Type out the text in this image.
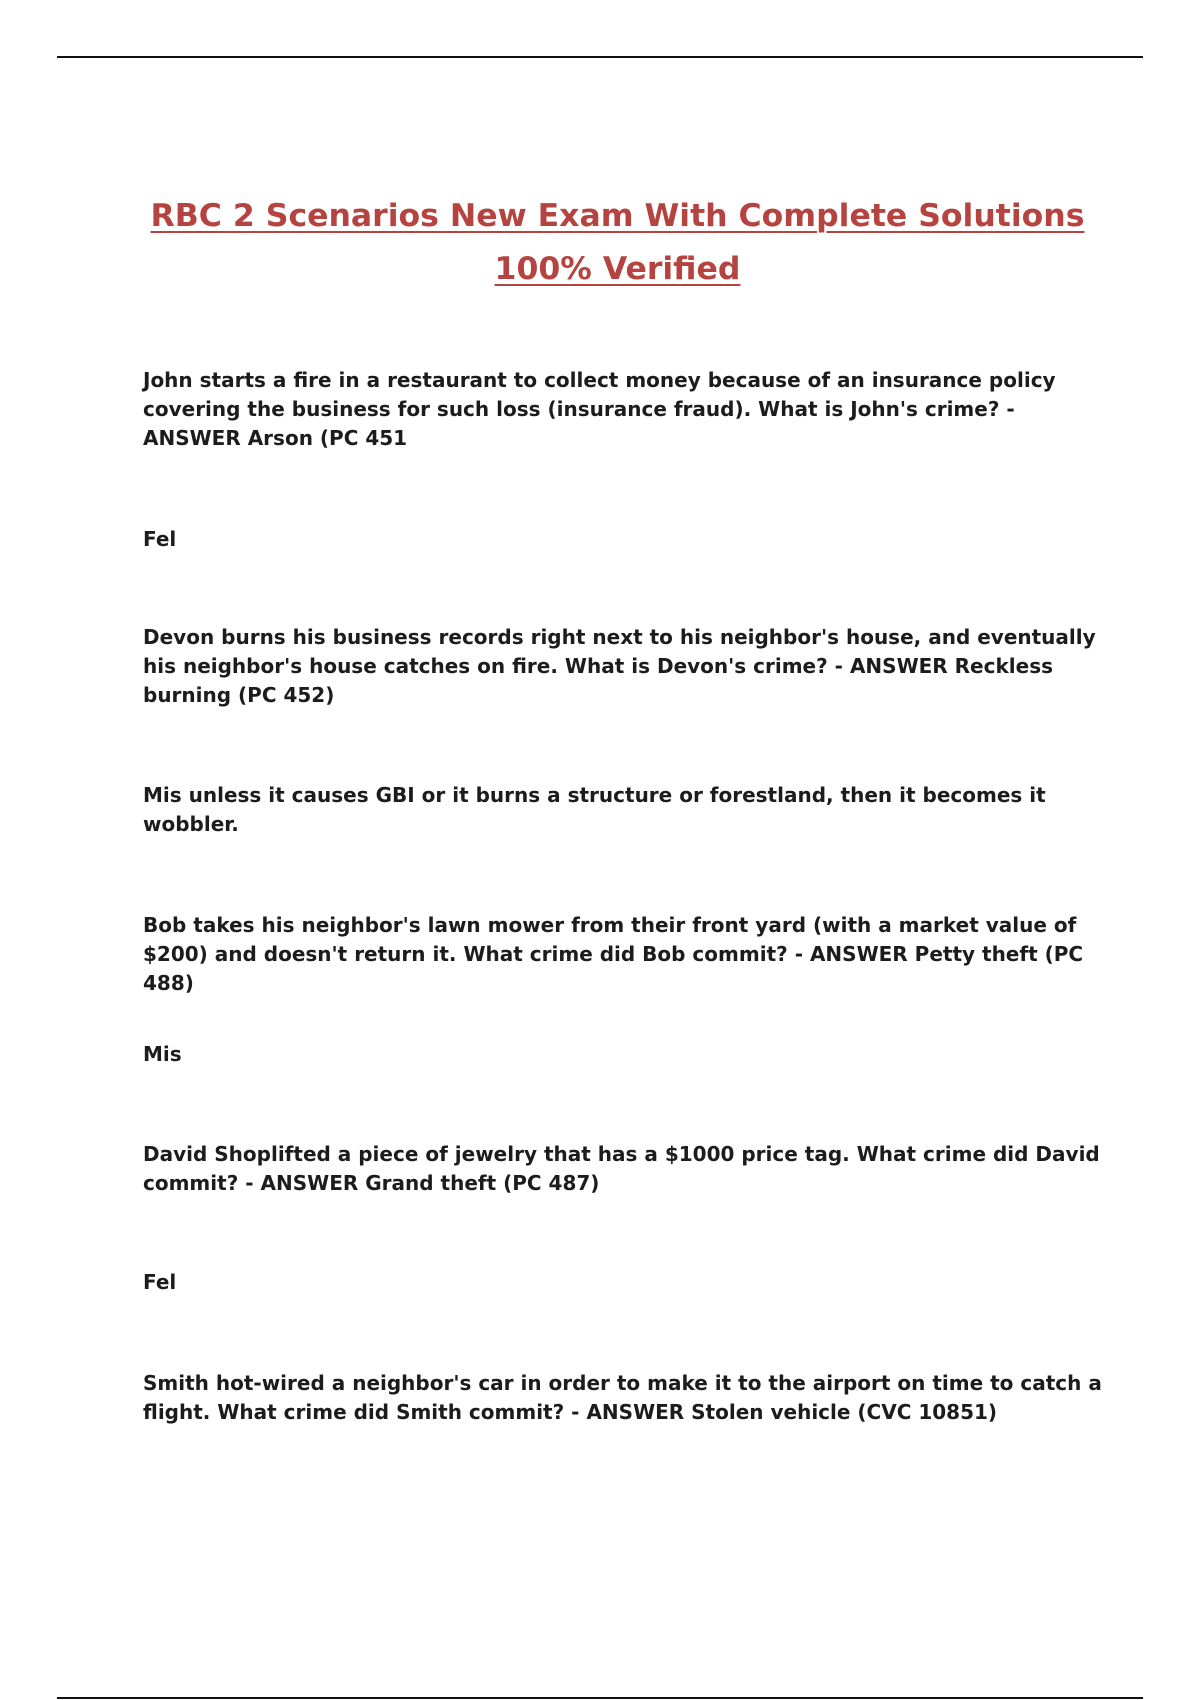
RBC 2 Scenarios New Exam With Complete Solutions 100% Verified

John starts a fire in a restaurant to collect money because of an insurance policy covering the business for such loss (insurance fraud). What is John's crime? - ANSWER Arson (PC 451

Fel

Devon burns his business records right next to his neighbor's house, and eventually his neighbor's house catches on fire. What is Devon's crime? - ANSWER Reckless burning (PC 452)

Mis unless it causes GBI or it burns a structure or forestland, then it becomes it wobbler.

Bob takes his neighbor's lawn mower from their front yard (with a market value of $200) and doesn't return it. What crime did Bob commit? - ANSWER Petty theft (PC 488)

Mis

David Shoplifted a piece of jewelry that has a $1000 price tag. What crime did David commit? - ANSWER Grand theft (PC 487)

Fel

Smith hot-wired a neighbor's car in order to make it to the airport on time to catch a flight. What crime did Smith commit? - ANSWER Stolen vehicle (CVC 10851)
